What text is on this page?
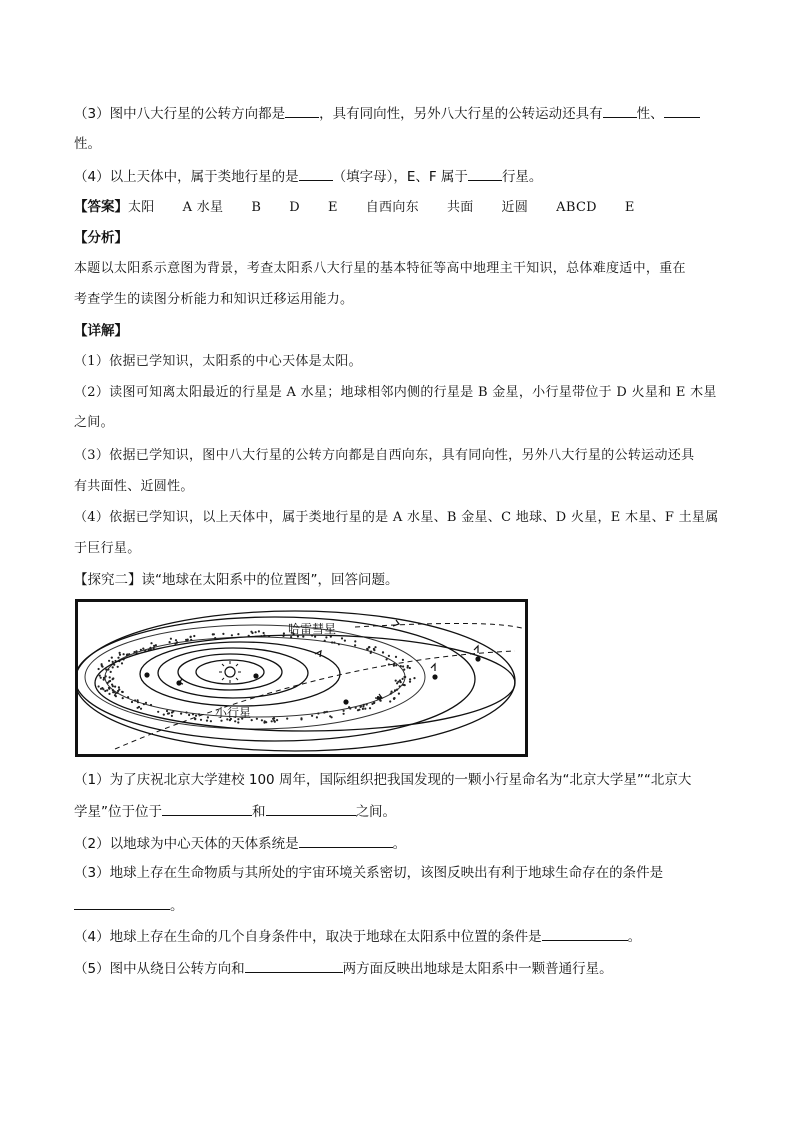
（3）图中八大行星的公转方向都是	，具有同向性，另外八大行星的公转运动还具有	性、
性。
（4）以上天体中，属于类地行星的是	（填字母），E、F 属于	行星。
【答案】太阳 A 水星 B D E 自西向东 共面 近圆 ABCD E
【分析】
本题以太阳系示意图为背景，考查太阳系八大行星的基本特征等高中地理主干知识，总体难度适中，重在
考查学生的读图分析能力和知识迁移运用能力。
【详解】
（1）依据已学知识，太阳系的中心天体是太阳。
（2）读图可知离太阳最近的行星是 A 水星；地球相邻内侧的行星是 B 金星，小行星带位于 D 火星和 E 木星
之间。
（3）依据已学知识，图中八大行星的公转方向都是自西向东，具有同向性，另外八大行星的公转运动还具
有共面性、近圆性。
（4）依据已学知识，以上天体中，属于类地行星的是 A 水星、B 金星、C 地球、D 火星，E 木星、F 土星属
于巨行星。
【探究二】读“地球在太阳系中的位置图”，回答问题。
哈雷彗星
小行星
（1）为了庆祝北京大学建校 100 周年，国际组织把我国发现的一颗小行星命名为“北京大学星”“北京大
学星”位于位于	和	之间。
（2）以地球为中心天体的天体系统是	。
（3）地球上存在生命物质与其所处的宇宙环境关系密切，该图反映出有利于地球生命存在的条件是
。
（4）地球上存在生命的几个自身条件中，取决于地球在太阳系中位置的条件是	。
（5）图中从绕日公转方向和	两方面反映出地球是太阳系中一颗普通行星。
